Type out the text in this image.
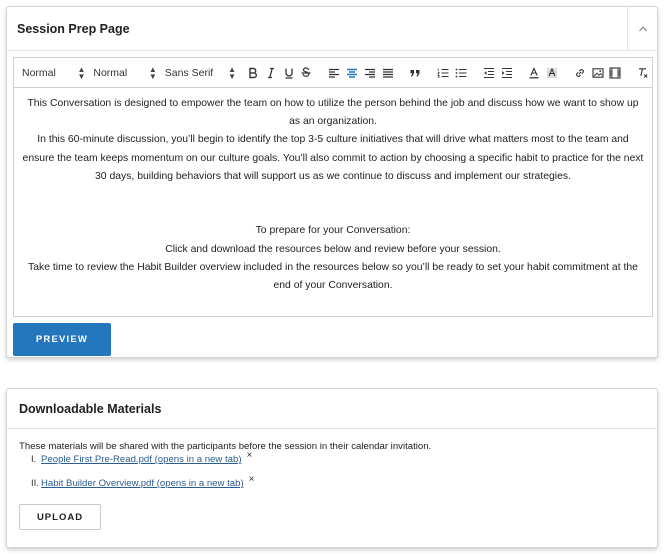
Session Prep Page
Normal	▲
▼ Normal	▲
▼ Sans Serif ▲
▼

This Conversation is designed to empower the team on how to utilize the person behind the job and discuss how we want to show up as an organization.

In this 60-minute discussion, you’ll begin to identify the top 3-5 culture initiatives that will drive what matters most to the team and ensure the team keeps momentum on our culture goals. You’ll also commit to action by choosing a specific habit to practice for the next 30 days, building behaviors that will support us as we continue to discuss and implement our strategies.

To prepare for your Conversation:

Click and download the resources below and review before your session.

Take time to review the Habit Builder overview included in the resources below so you’ll be ready to set your habit commitment at the end of your Conversation.

PREVIEW
Downloadable Materials
These materials will be shared with the participants before the session in their calendar invitation.
I. People First Pre-Read.pdf (opens in a new tab) ×
II. Habit Builder Overview.pdf (opens in a new tab) ×
UPLOAD
